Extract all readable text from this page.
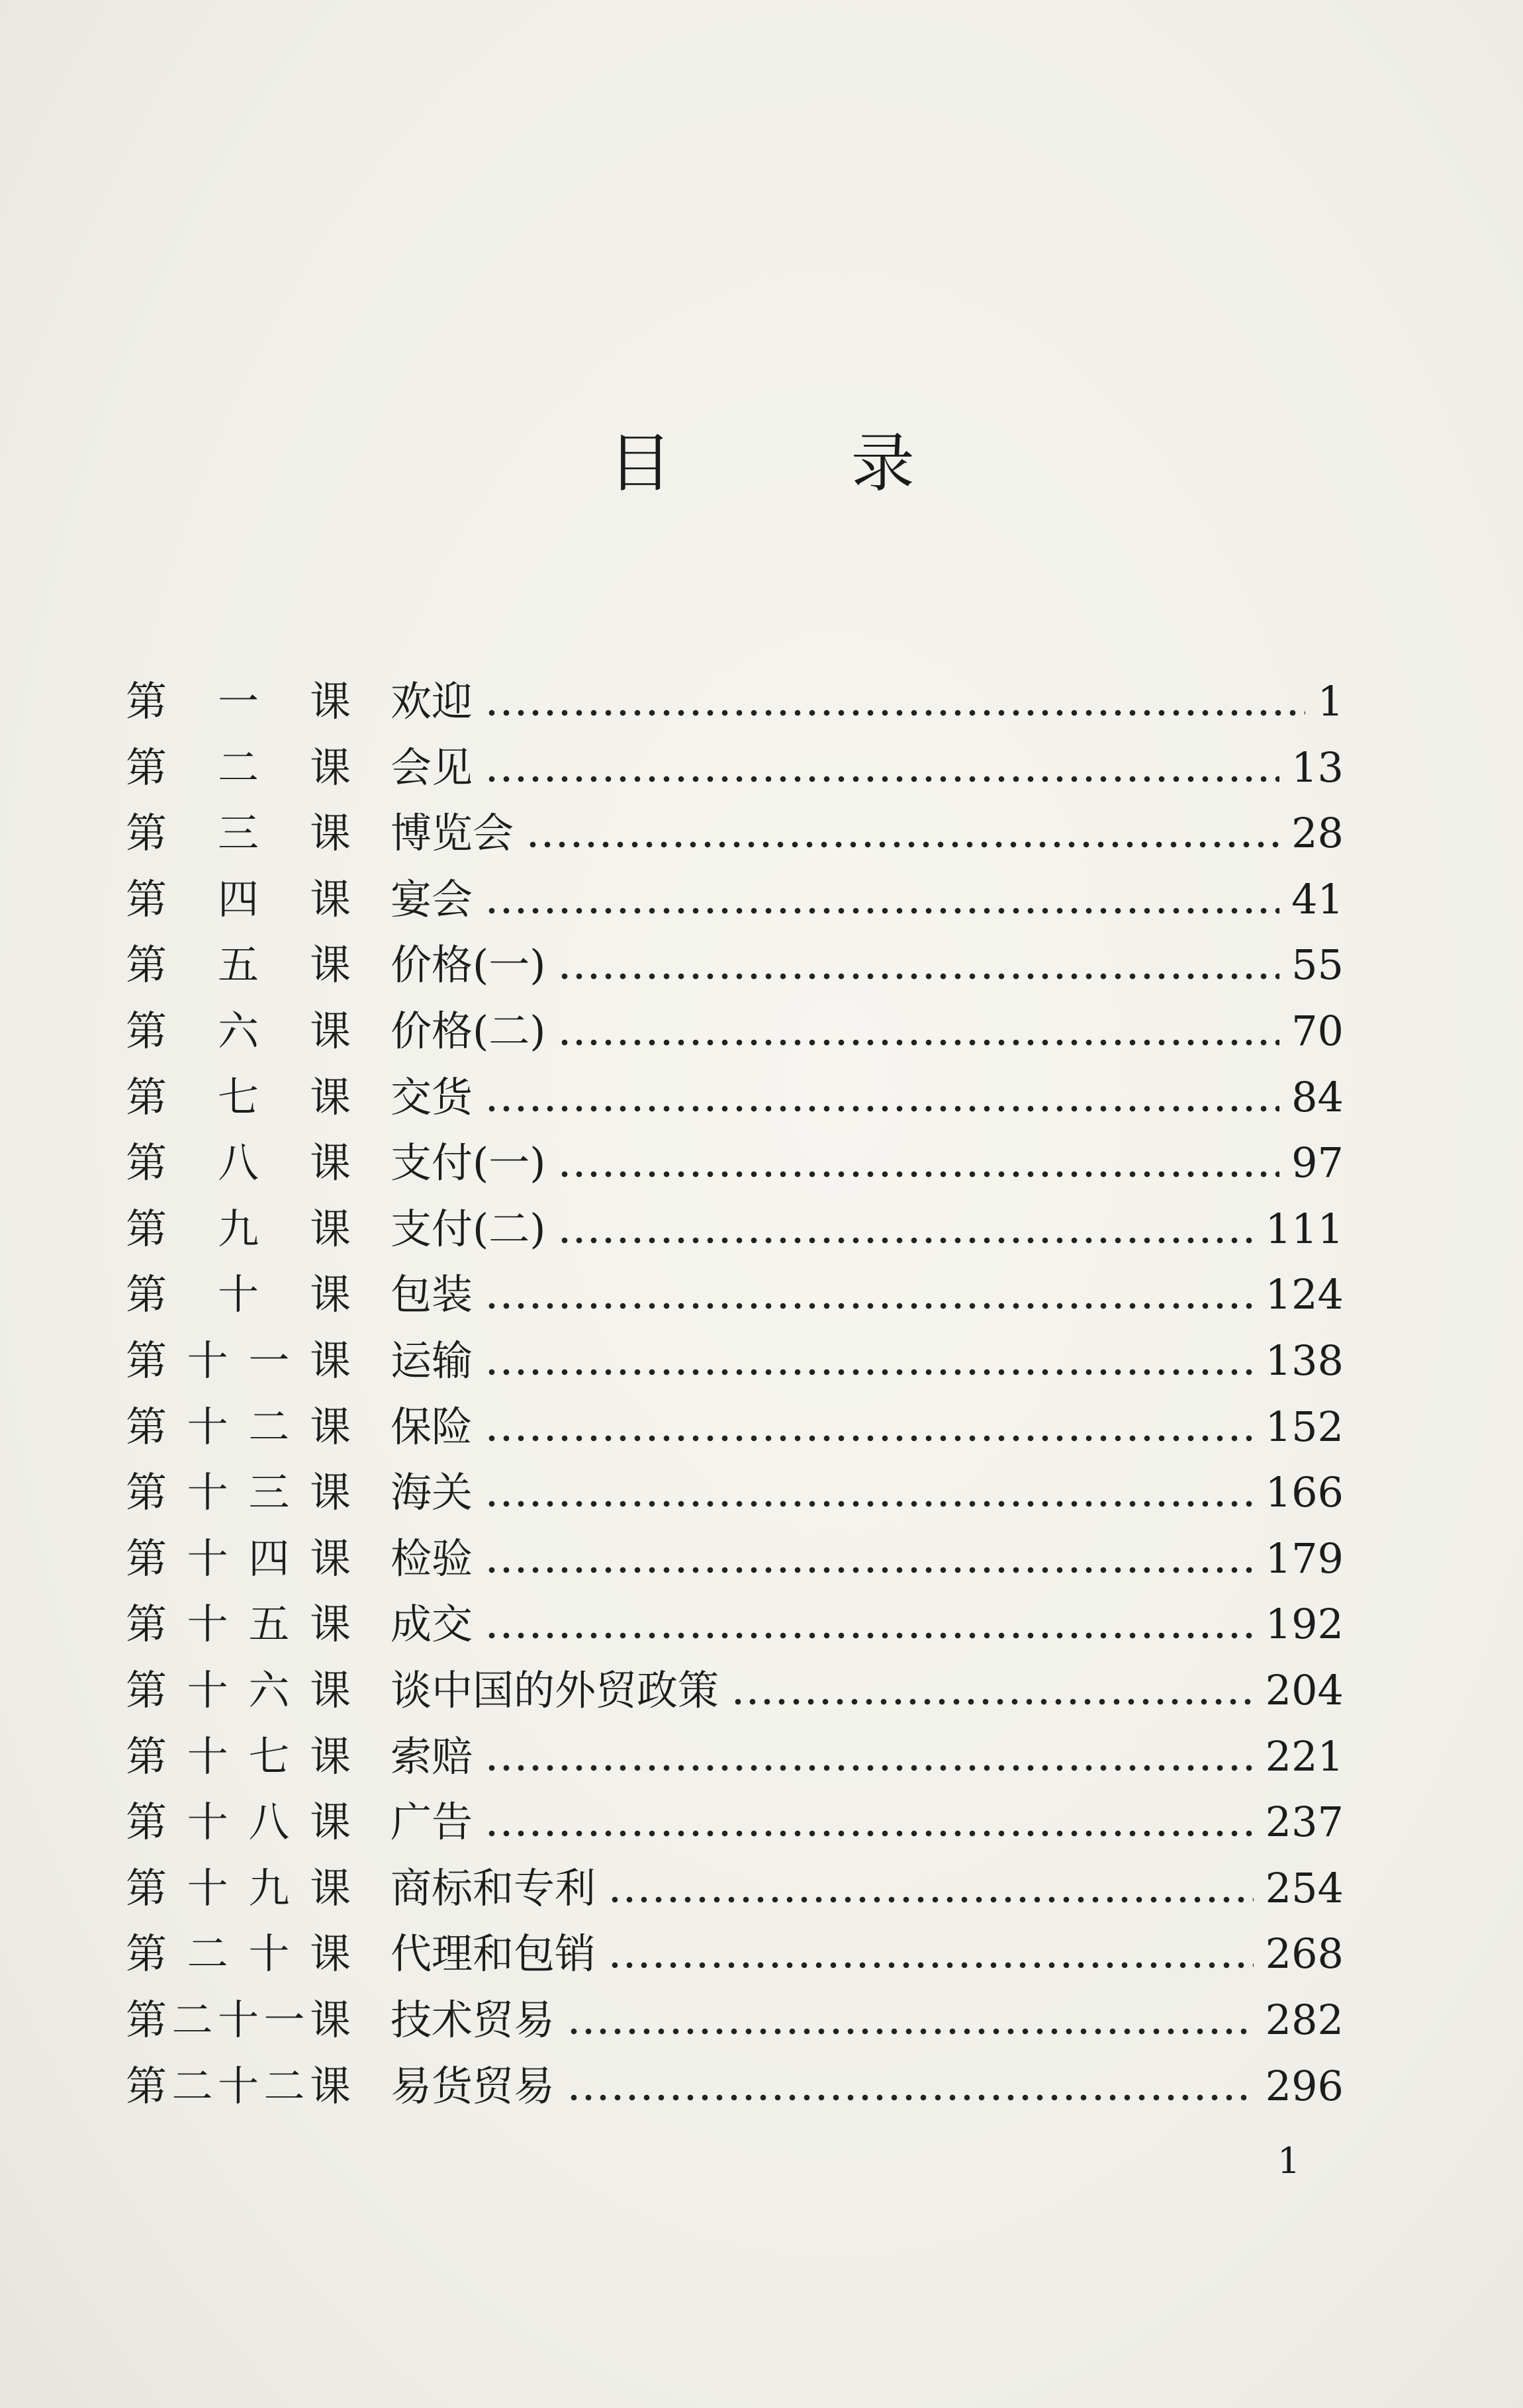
目 录
第 一 课 欢迎	1
第 二 课 会见	13
第 三 课 博览会	28
第 四 课 宴会	41
第 五 课 价格(一)	55
第 六 课 价格(二)	70
第 七 课 交货	84
第 八 课 支付(一)	97
第 九 课 支付(二)	111
第 十 课 包装	124
第 十 一 课 运输	138
第 十 二 课 保险	152
第 十 三 课 海关	166
第 十 四 课 检验	179
第 十 五 课 成交	192
第 十 六 课 谈中国的外贸政策	204
第 十 七 课 索赔	221
第 十 八 课 广告	237
第 十 九 课 商标和专利	254
第 二 十 课 代理和包销	268
第 二 十 一 课 技术贸易	282
第 二 十 二 课 易货贸易	296
1
